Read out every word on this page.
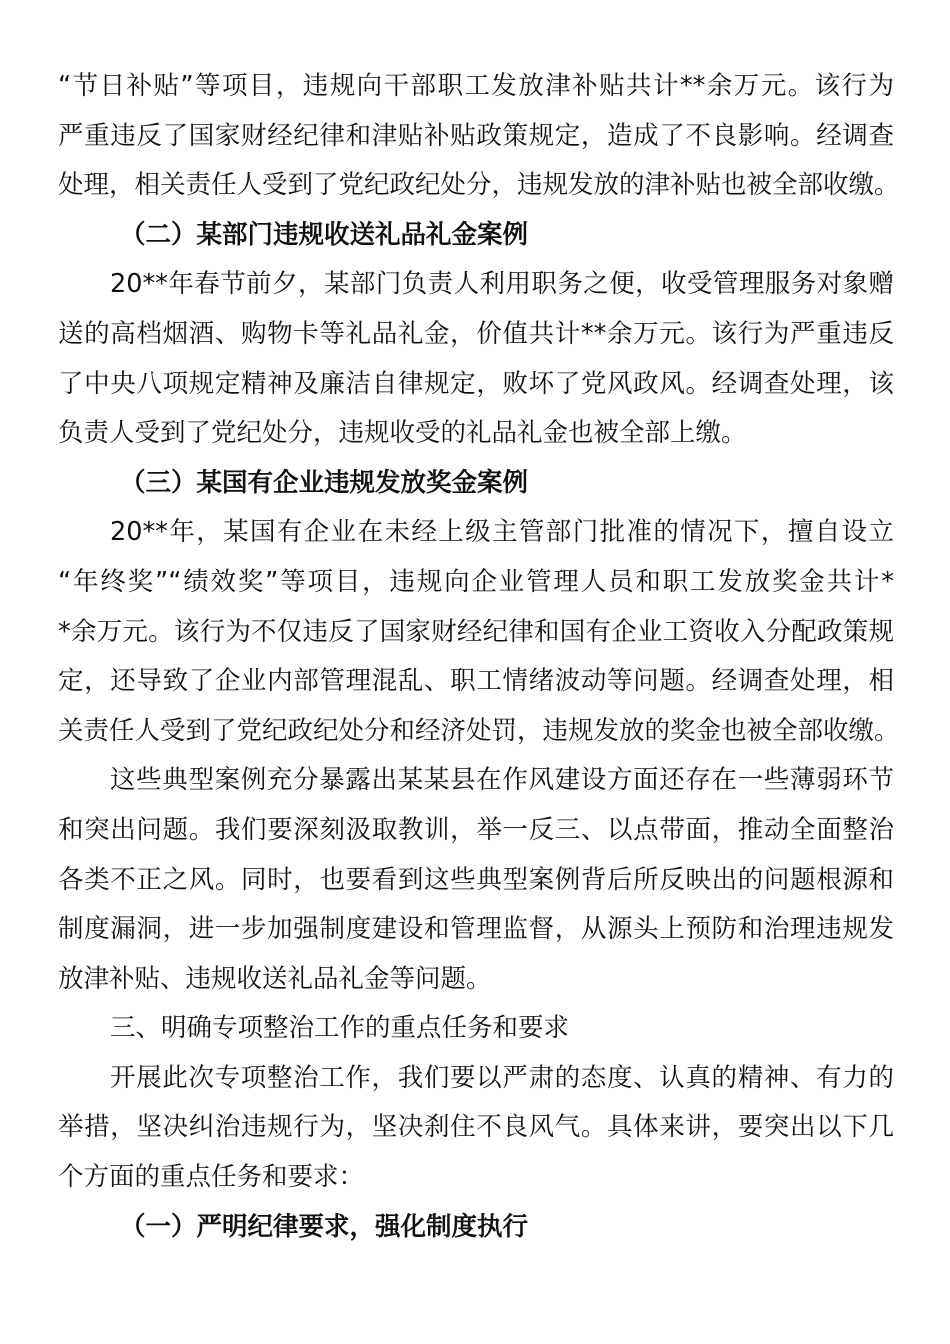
“节日补贴”等项目，违规向干部职工发放津补贴共计**余万元。该行为
严重违反了国家财经纪律和津贴补贴政策规定，造成了不良影响。经调查
处理，相关责任人受到了党纪政纪处分，违规发放的津补贴也被全部收缴。
（二）某部门违规收送礼品礼金案例
20**年春节前夕，某部门负责人利用职务之便，收受管理服务对象赠
送的高档烟酒、购物卡等礼品礼金，价值共计**余万元。该行为严重违反
了中央八项规定精神及廉洁自律规定，败坏了党风政风。经调查处理，该
负责人受到了党纪处分，违规收受的礼品礼金也被全部上缴。
（三）某国有企业违规发放奖金案例
20**年，某国有企业在未经上级主管部门批准的情况下，擅自设立
“年终奖”“绩效奖”等项目，违规向企业管理人员和职工发放奖金共计*
*余万元。该行为不仅违反了国家财经纪律和国有企业工资收入分配政策规
定，还导致了企业内部管理混乱、职工情绪波动等问题。经调查处理，相
关责任人受到了党纪政纪处分和经济处罚，违规发放的奖金也被全部收缴。
这些典型案例充分暴露出某某县在作风建设方面还存在一些薄弱环节
和突出问题。我们要深刻汲取教训，举一反三、以点带面，推动全面整治
各类不正之风。同时，也要看到这些典型案例背后所反映出的问题根源和
制度漏洞，进一步加强制度建设和管理监督，从源头上预防和治理违规发
放津补贴、违规收送礼品礼金等问题。
三、明确专项整治工作的重点任务和要求
开展此次专项整治工作，我们要以严肃的态度、认真的精神、有力的
举措，坚决纠治违规行为，坚决刹住不良风气。具体来讲，要突出以下几
个方面的重点任务和要求：
（一）严明纪律要求，强化制度执行
